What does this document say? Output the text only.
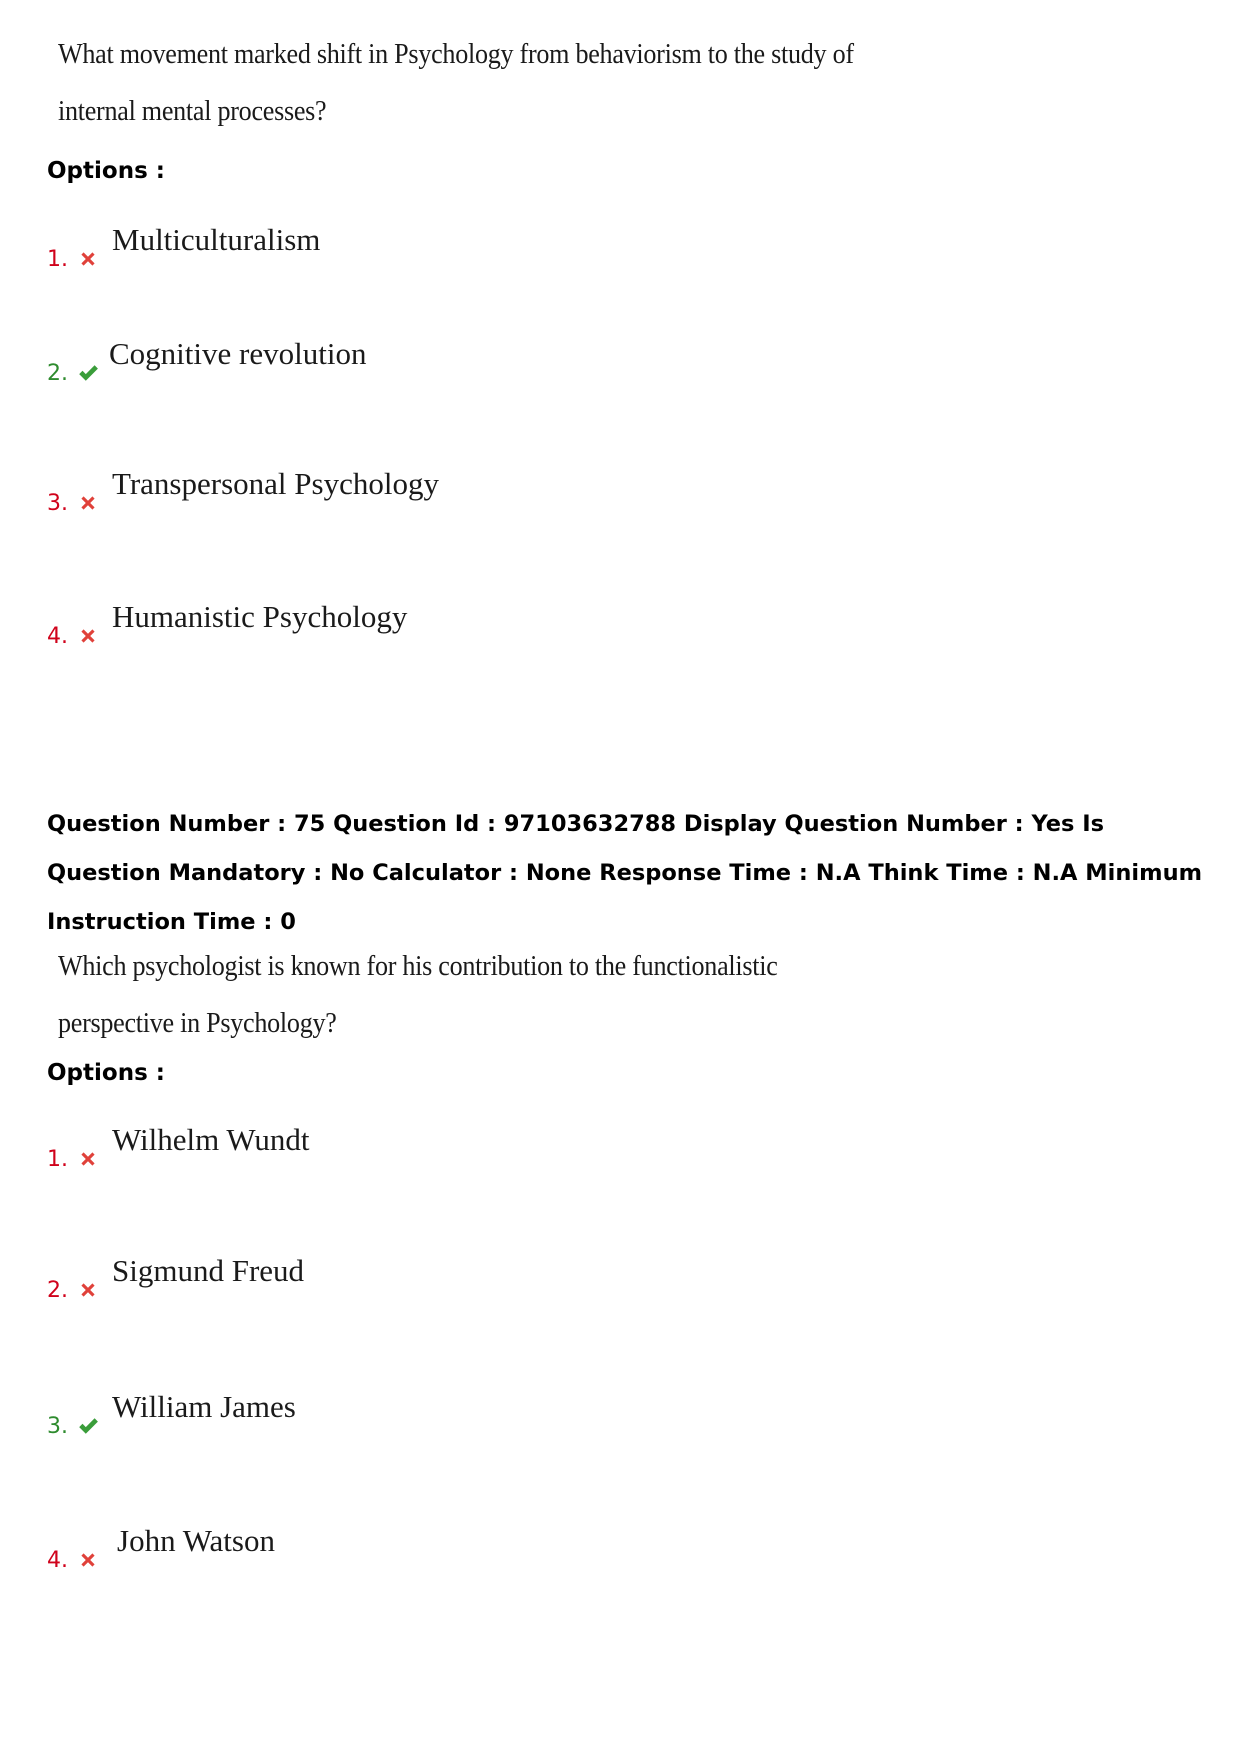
What movement marked shift in Psychology from behaviorism to the study of internal mental processes?
Options :
1.
Multiculturalism
2.
Cognitive revolution
3.
Transpersonal Psychology
4.
Humanistic Psychology
Question Number : 75 Question Id : 97103632788 Display Question Number : Yes Is Question Mandatory : No Calculator : None Response Time : N.A Think Time : N.A Minimum Instruction Time : 0
Which psychologist is known for his contribution to the functionalistic perspective in Psychology?
Options :
1.
Wilhelm Wundt
2.
Sigmund Freud
3.
William James
4.
John Watson
